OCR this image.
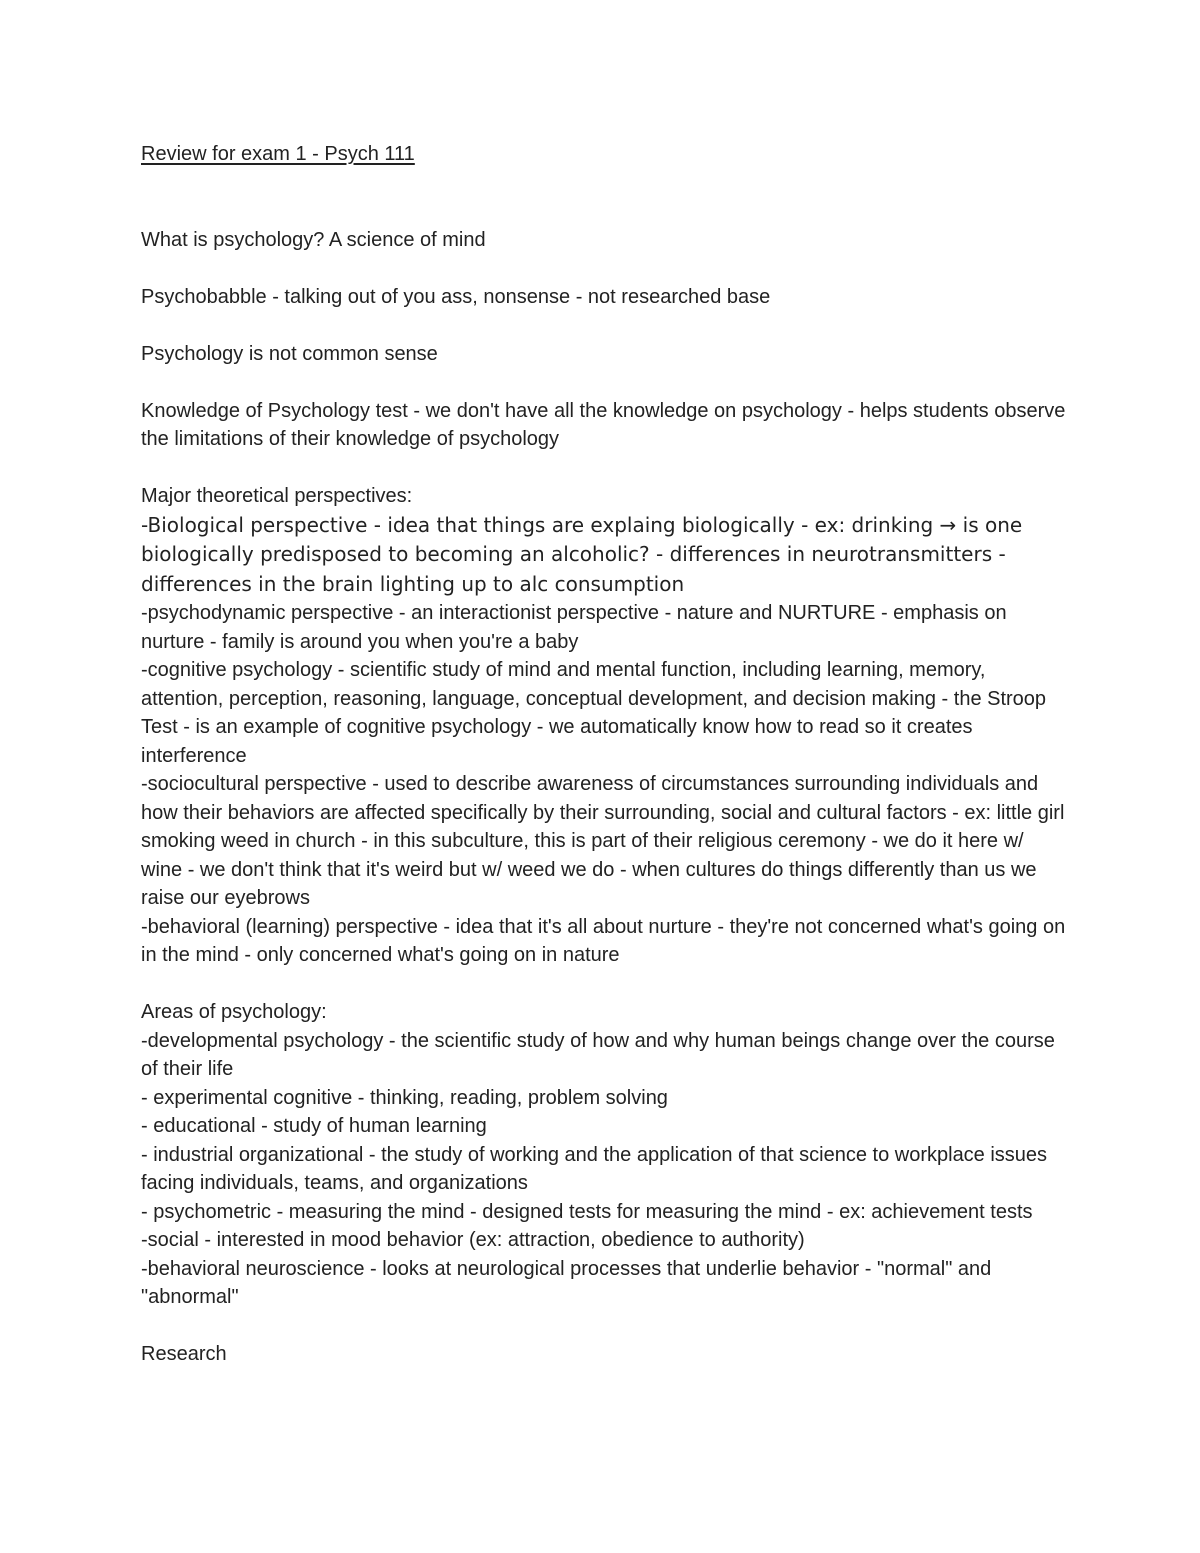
Review for exam 1 - Psych 111

What is psychology? A science of mind

Psychobabble - talking out of you ass, nonsense - not researched base

Psychology is not common sense

Knowledge of Psychology test - we don't have all the knowledge on psychology - helps students observe the limitations of their knowledge of psychology

Major theoretical perspectives:

-Biological perspective - idea that things are explaing biologically - ex: drinking → is one biologically predisposed to becoming an alcoholic? - differences in neurotransmitters - differences in the brain lighting up to alc consumption

-psychodynamic perspective - an interactionist perspective - nature and NURTURE - emphasis on nurture - family is around you when you're a baby

-cognitive psychology - scientific study of mind and mental function, including learning, memory, attention, perception, reasoning, language, conceptual development, and decision making - the Stroop Test - is an example of cognitive psychology - we automatically know how to read so it creates interference

-sociocultural perspective - used to describe awareness of circumstances surrounding individuals and how their behaviors are affected specifically by their surrounding, social and cultural factors - ex: little girl smoking weed in church - in this subculture, this is part of their religious ceremony - we do it here w/ wine - we don't think that it's weird but w/ weed we do - when cultures do things differently than us we raise our eyebrows

-behavioral (learning) perspective - idea that it's all about nurture - they're not concerned what's going on in the mind - only concerned what's going on in nature

Areas of psychology:

-developmental psychology - the scientific study of how and why human beings change over the course of their life

- experimental cognitive - thinking, reading, problem solving

- educational - study of human learning

- industrial organizational - the study of working and the application of that science to workplace issues facing individuals, teams, and organizations

- psychometric - measuring the mind - designed tests for measuring the mind - ex: achievement tests

-social - interested in mood behavior (ex: attraction, obedience to authority)

-behavioral neuroscience - looks at neurological processes that underlie behavior - "normal" and "abnormal"

Research
